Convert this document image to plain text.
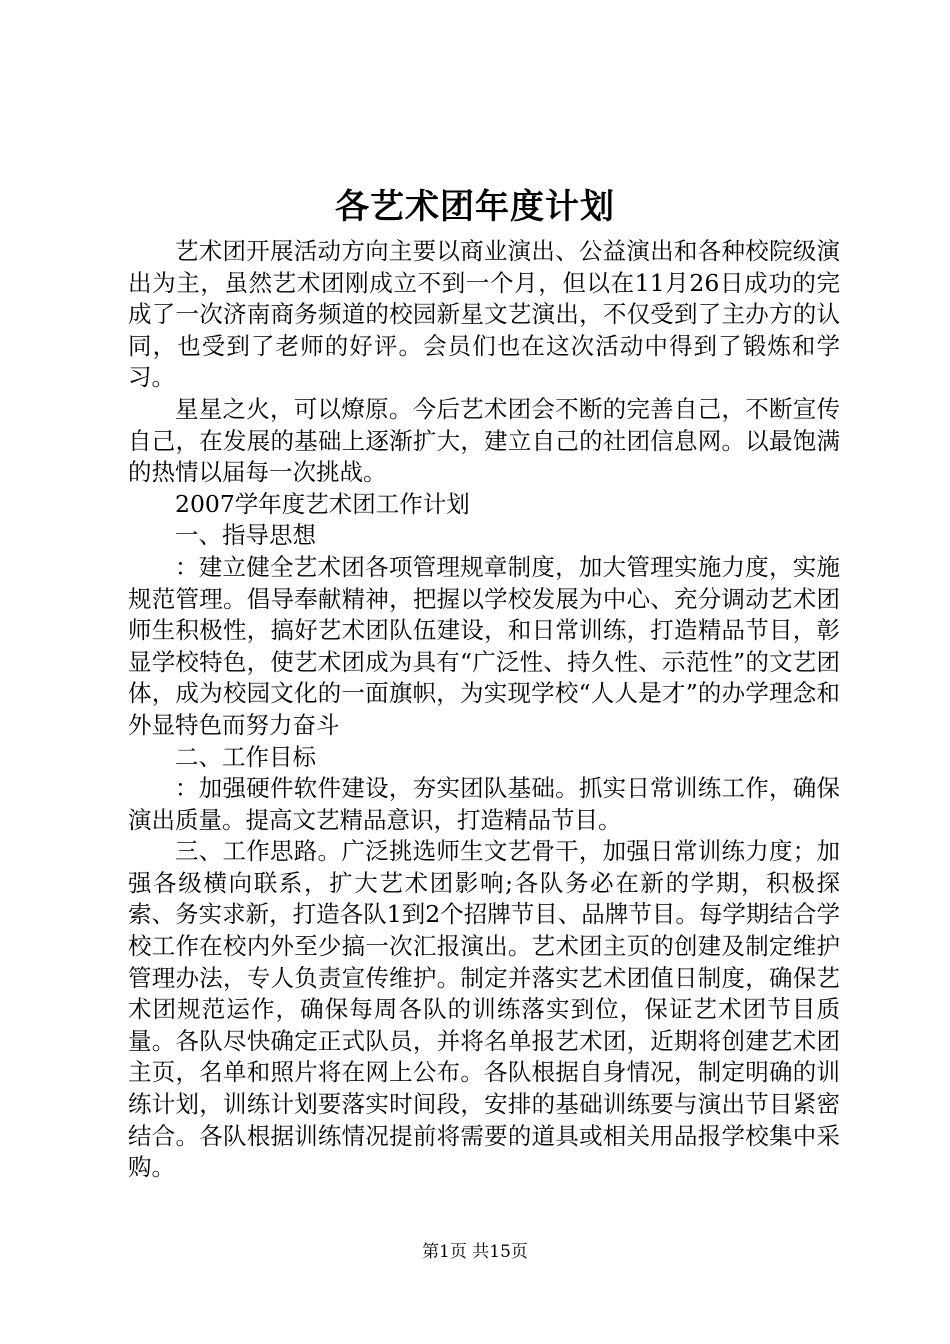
各艺术团年度计划

艺术团开展活动方向主要以商业演出、公益演出和各种校院级演出为主，虽然艺术团刚成立不到一个月，但以在11月26日成功的完成了一次济南商务频道的校园新星文艺演出，不仅受到了主办方的认同，也受到了老师的好评。会员们也在这次活动中得到了锻炼和学习。

星星之火，可以燎原。今后艺术团会不断的完善自己，不断宣传自己，在发展的基础上逐渐扩大，建立自己的社团信息网。以最饱满的热情以届每一次挑战。

2007学年度艺术团工作计划

一、指导思想

：建立健全艺术团各项管理规章制度，加大管理实施力度，实施规范管理。倡导奉献精神，把握以学校发展为中心、充分调动艺术团师生积极性，搞好艺术团队伍建设，和日常训练，打造精品节目，彰显学校特色，使艺术团成为具有“广泛性、持久性、示范性”的文艺团体，成为校园文化的一面旗帜，为实现学校“人人是才”的办学理念和外显特色而努力奋斗

二、工作目标

：加强硬件软件建设，夯实团队基础。抓实日常训练工作，确保演出质量。提高文艺精品意识，打造精品节目。

三、工作思路。广泛挑选师生文艺骨干，加强日常训练力度；加强各级横向联系，扩大艺术团影响;各队务必在新的学期，积极探索、务实求新，打造各队1到2个招牌节目、品牌节目。每学期结合学校工作在校内外至少搞一次汇报演出。艺术团主页的创建及制定维护管理办法，专人负责宣传维护。制定并落实艺术团值日制度，确保艺术团规范运作，确保每周各队的训练落实到位，保证艺术团节目质量。各队尽快确定正式队员，并将名单报艺术团，近期将创建艺术团主页，名单和照片将在网上公布。各队根据自身情况，制定明确的训练计划，训练计划要落实时间段，安排的基础训练要与演出节目紧密结合。各队根据训练情况提前将需要的道具或相关用品报学校集中采购。

第1页 共15页
